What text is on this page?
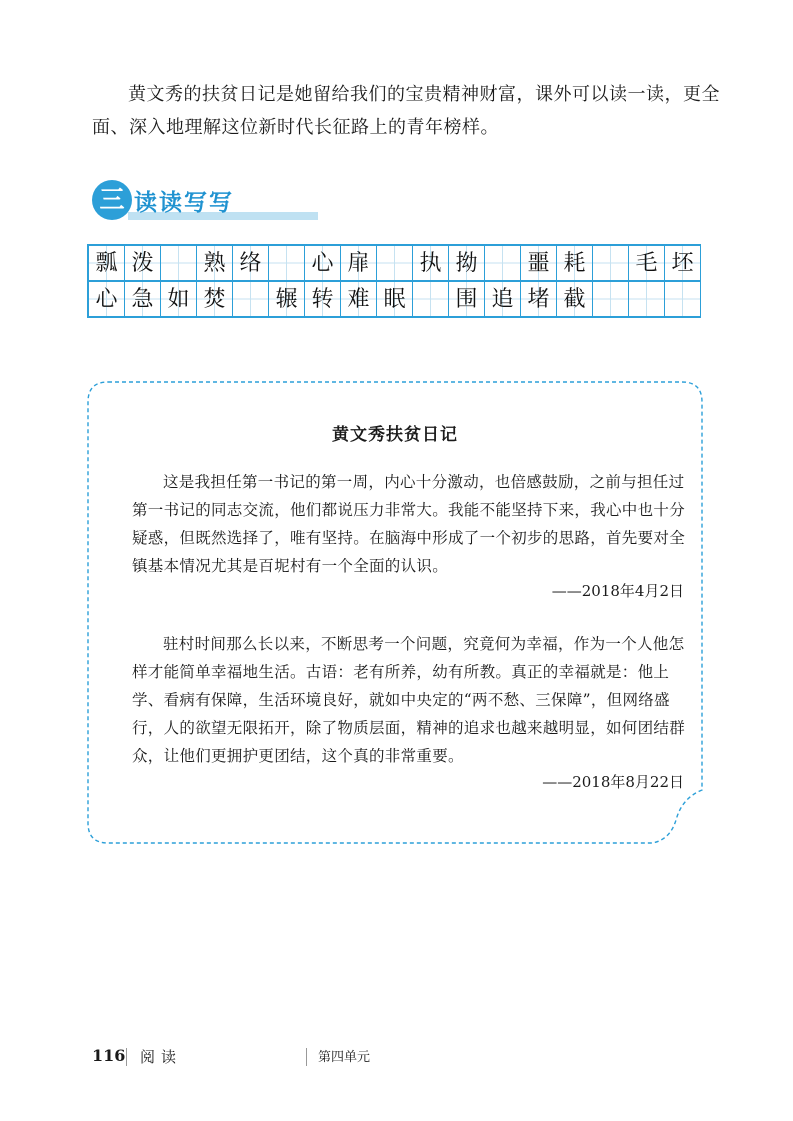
黄文秀的扶贫日记是她留给我们的宝贵精神财富，课外可以读一读，更全面、深入地理解这位新时代长征路上的青年榜样。

三 读读写写
瓢 泼	熟 络	心 扉	执 拗	噩 耗	毛 坯
心 急 如 焚	辗 转 难 眠	围 追 堵 截
黄文秀扶贫日记

这是我担任第一书记的第一周，内心十分激动，也倍感鼓励，之前与担任过第一书记的同志交流，他们都说压力非常大。我能不能坚持下来，我心中也十分疑惑，但既然选择了，唯有坚持。在脑海中形成了一个初步的思路，首先要对全镇基本情况尤其是百坭村有一个全面的认识。

——2018年4月2日

驻村时间那么长以来，不断思考一个问题，究竟何为幸福，作为一个人他怎样才能简单幸福地生活。古语：老有所养，幼有所教。真正的幸福就是：他上学、看病有保障，生活环境良好，就如中央定的“两不愁、三保障”，但网络盛行，人的欲望无限拓开，除了物质层面，精神的追求也越来越明显，如何团结群众，让他们更拥护更团结，这个真的非常重要。

——2018年8月22日

116 阅读	第四单元
